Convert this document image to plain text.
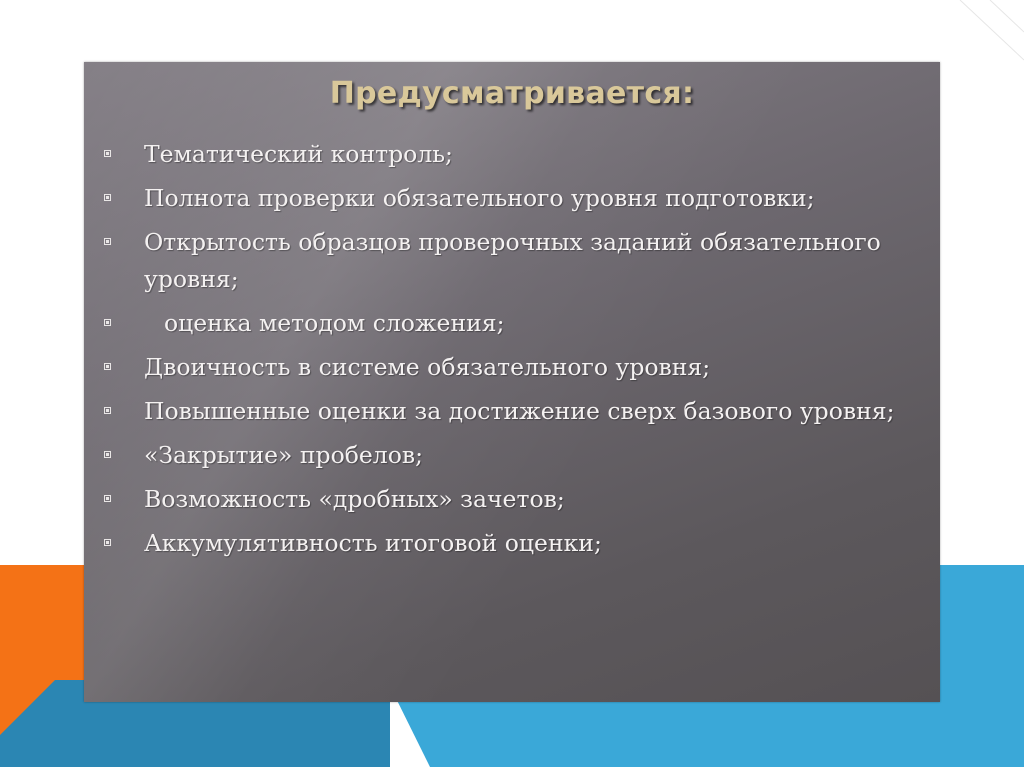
Предусматривается:
Тематический контроль;
Полнота проверки обязательного уровня подготовки;
Открытость образцов проверочных заданий обязательного уровня;
оценка методом сложения;
Двоичность в системе обязательного уровня;
Повышенные оценки за достижение сверх базового уровня;
«Закрытие» пробелов;
Возможность «дробных» зачетов;
Аккумулятивность итоговой оценки;
